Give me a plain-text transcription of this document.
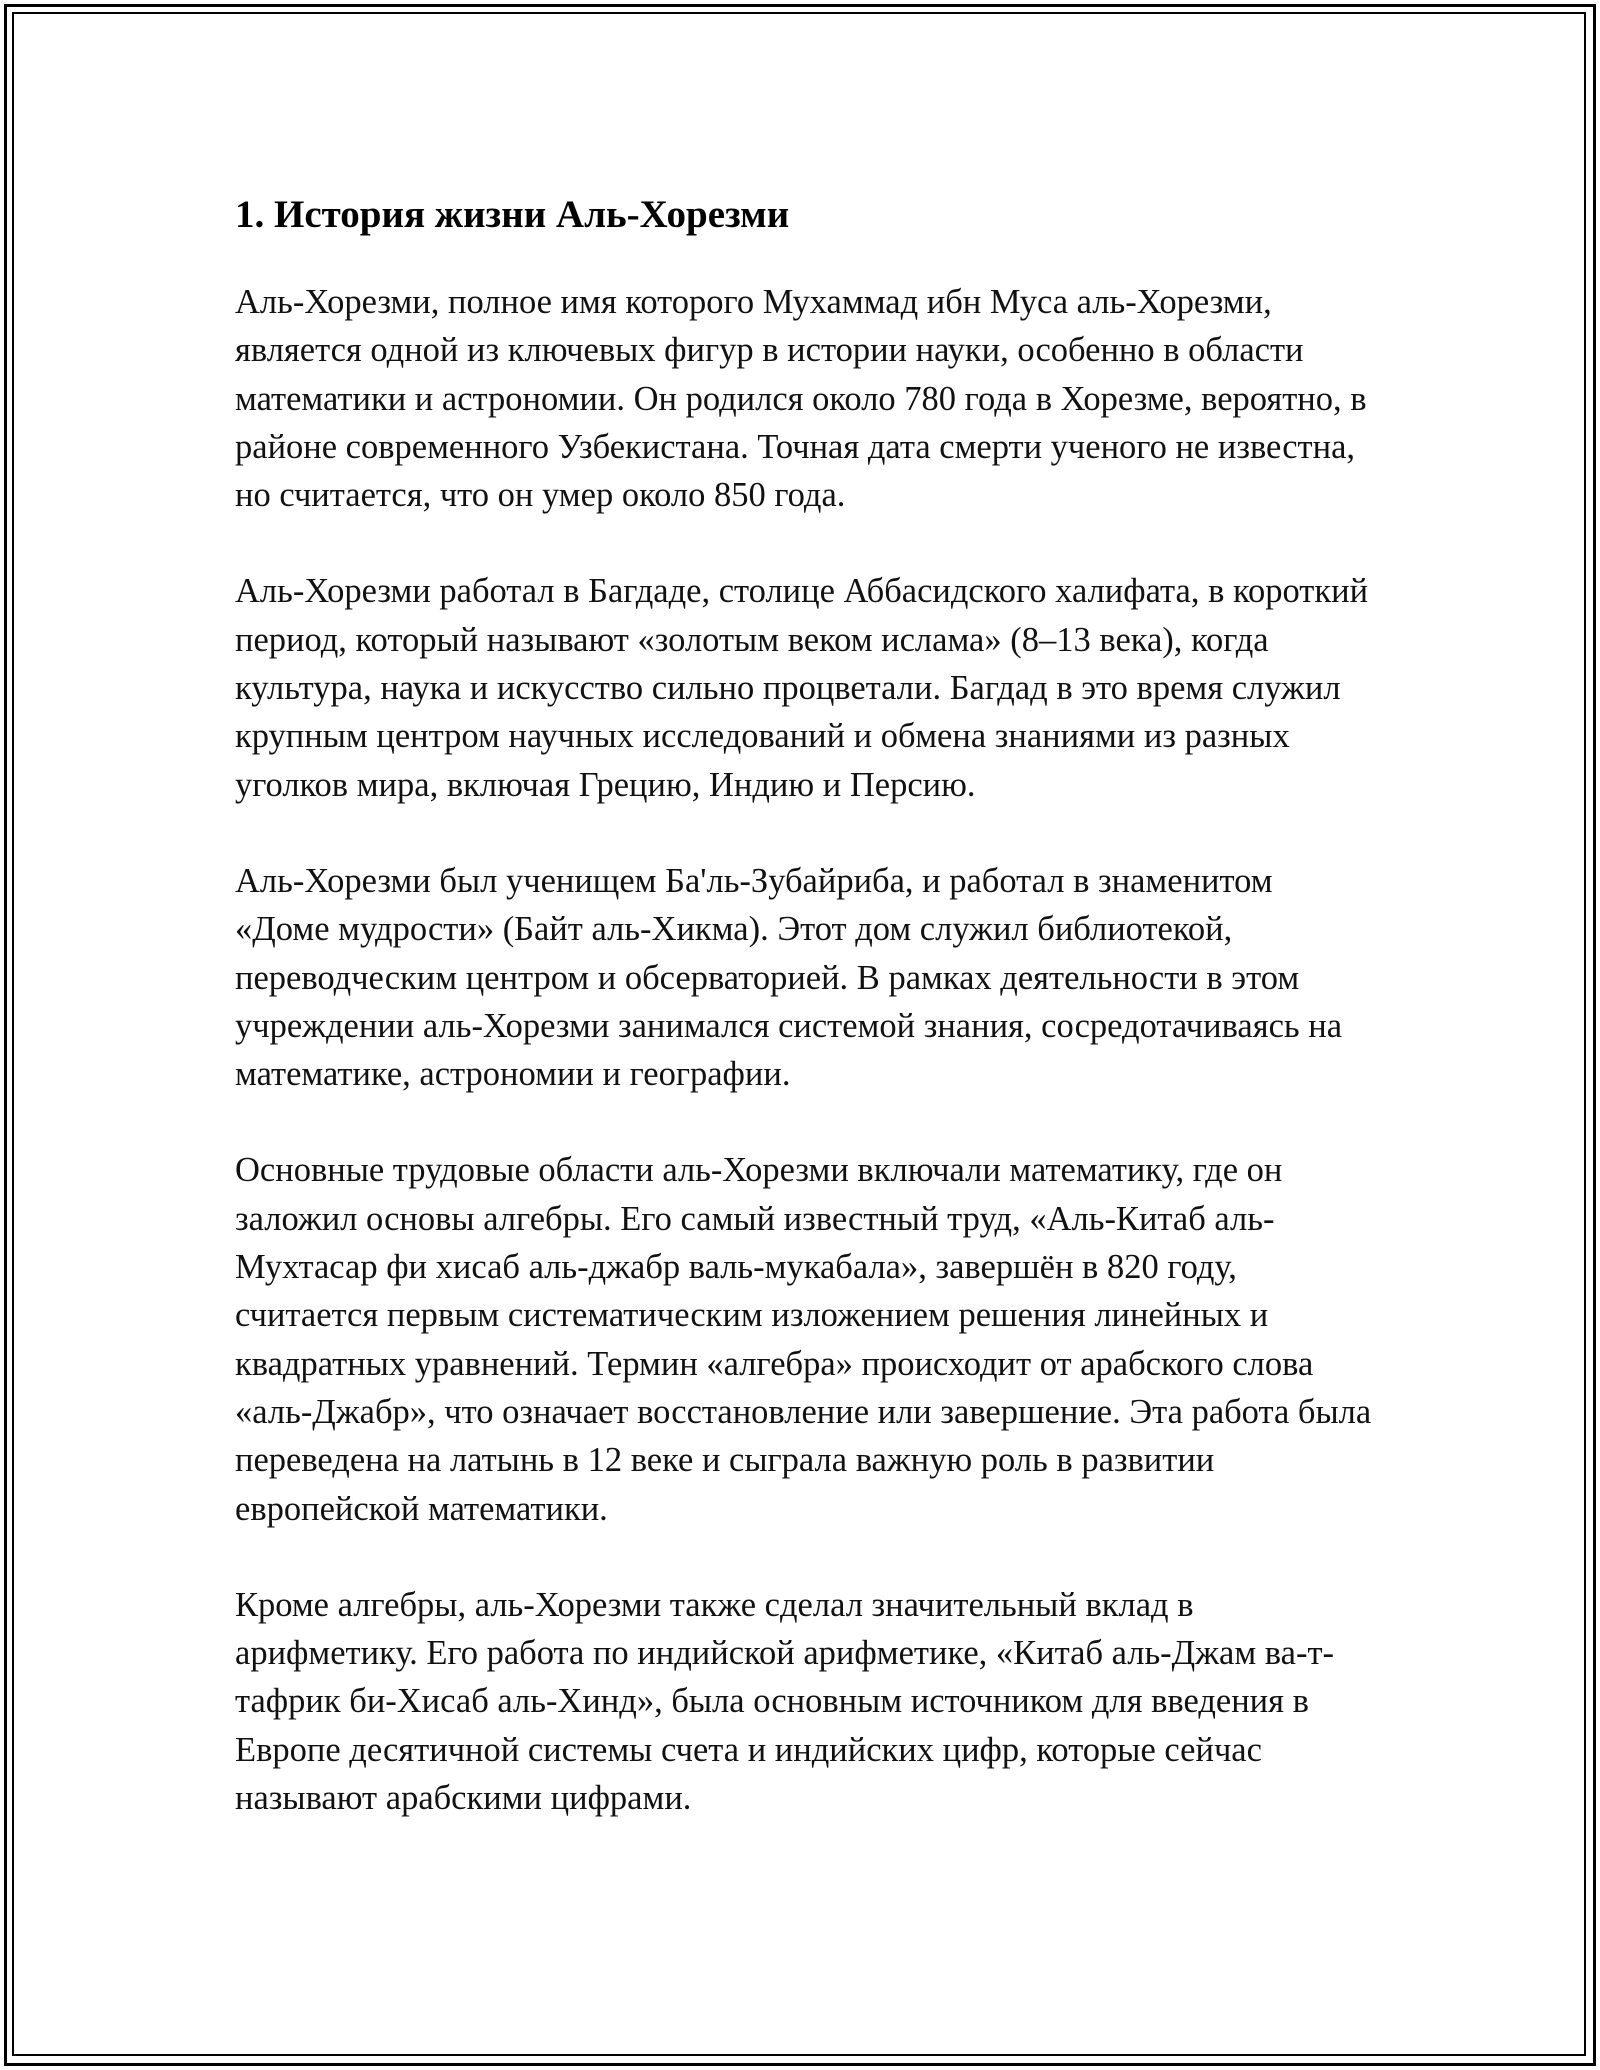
1. История жизни Аль-Хорезми

Аль-Хорезми, полное имя которого Мухаммад ибн Муса аль-Хорезми, является одной из ключевых фигур в истории науки, особенно в области математики и астрономии. Он родился около 780 года в Хорезме, вероятно, в районе современного Узбекистана. Точная дата смерти ученого не известна, но считается, что он умер около 850 года.

Аль-Хорезми работал в Багдаде, столице Аббасидского халифата, в короткий период, который называют «золотым веком ислама» (8–13 века), когда культура, наука и искусство сильно процветали. Багдад в это время служил крупным центром научных исследований и обмена знаниями из разных уголков мира, включая Грецию, Индию и Персию.

Аль-Хорезми был ученищем Ба'ль-Зубайриба, и работал в знаменитом «Доме мудрости» (Байт аль-Хикма). Этот дом служил библиотекой, переводческим центром и обсерваторией. В рамках деятельности в этом учреждении аль-Хорезми занимался системой знания, сосредотачиваясь на математике, астрономии и географии.

Основные трудовые области аль-Хорезми включали математику, где он заложил основы алгебры. Его самый известный труд, «Аль-Китаб аль-Мухтасар фи хисаб аль-джабр валь-мукабала», завершён в 820 году, считается первым систематическим изложением решения линейных и квадратных уравнений. Термин «алгебра» происходит от арабского слова «аль-Джабр», что означает восстановление или завершение. Эта работа была переведена на латынь в 12 веке и сыграла важную роль в развитии европейской математики.

Кроме алгебры, аль-Хорезми также сделал значительный вклад в арифметику. Его работа по индийской арифметике, «Китаб аль-Джам ва-т-тафрик би-Хисаб аль-Хинд», была основным источником для введения в Европе десятичной системы счета и индийских цифр, которые сейчас называют арабскими цифрами.
